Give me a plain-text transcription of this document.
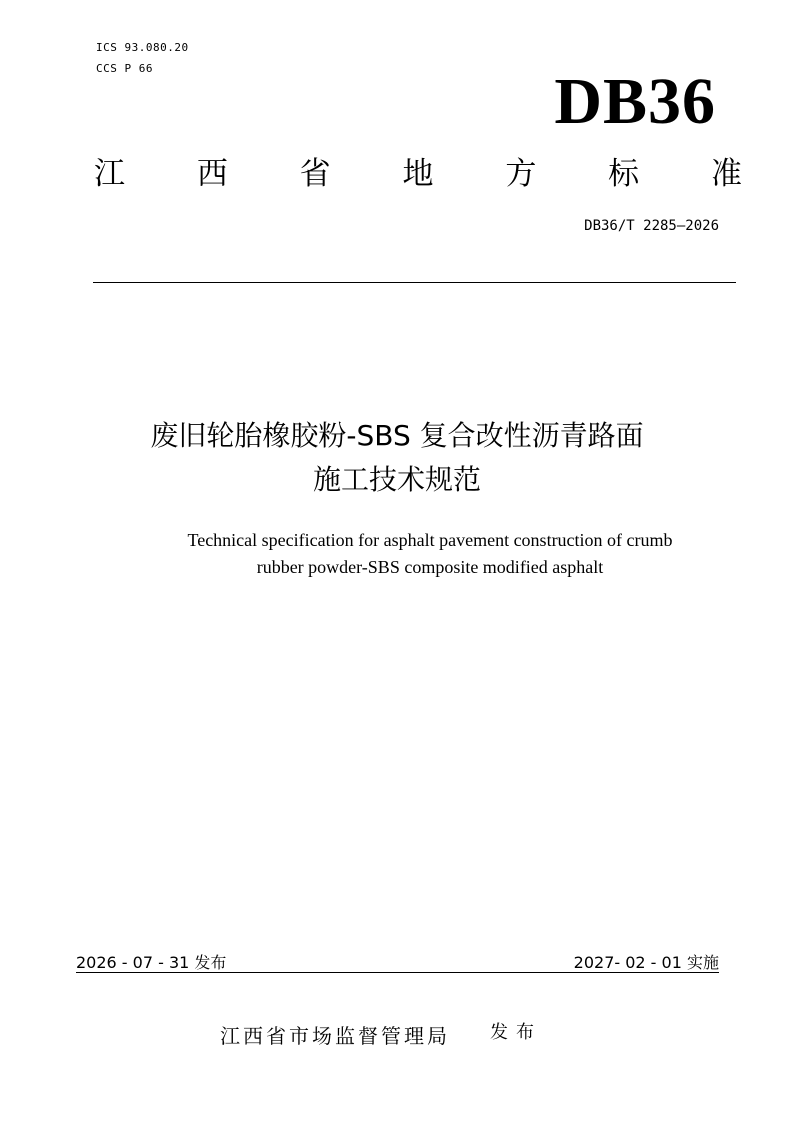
ICS 93.080.20
CCS P 66	DB36
江 西 省 地 方 标 准
DB36/T 2285—2026
废旧轮胎橡胶粉-SBS 复合改性沥青路面
施工技术规范
Technical specification for asphalt pavement construction of crumb
rubber powder-SBS composite modified asphalt
2026 - 07 - 31 发布	2027- 02 - 01 实施
江西省市场监督管理局 发布
